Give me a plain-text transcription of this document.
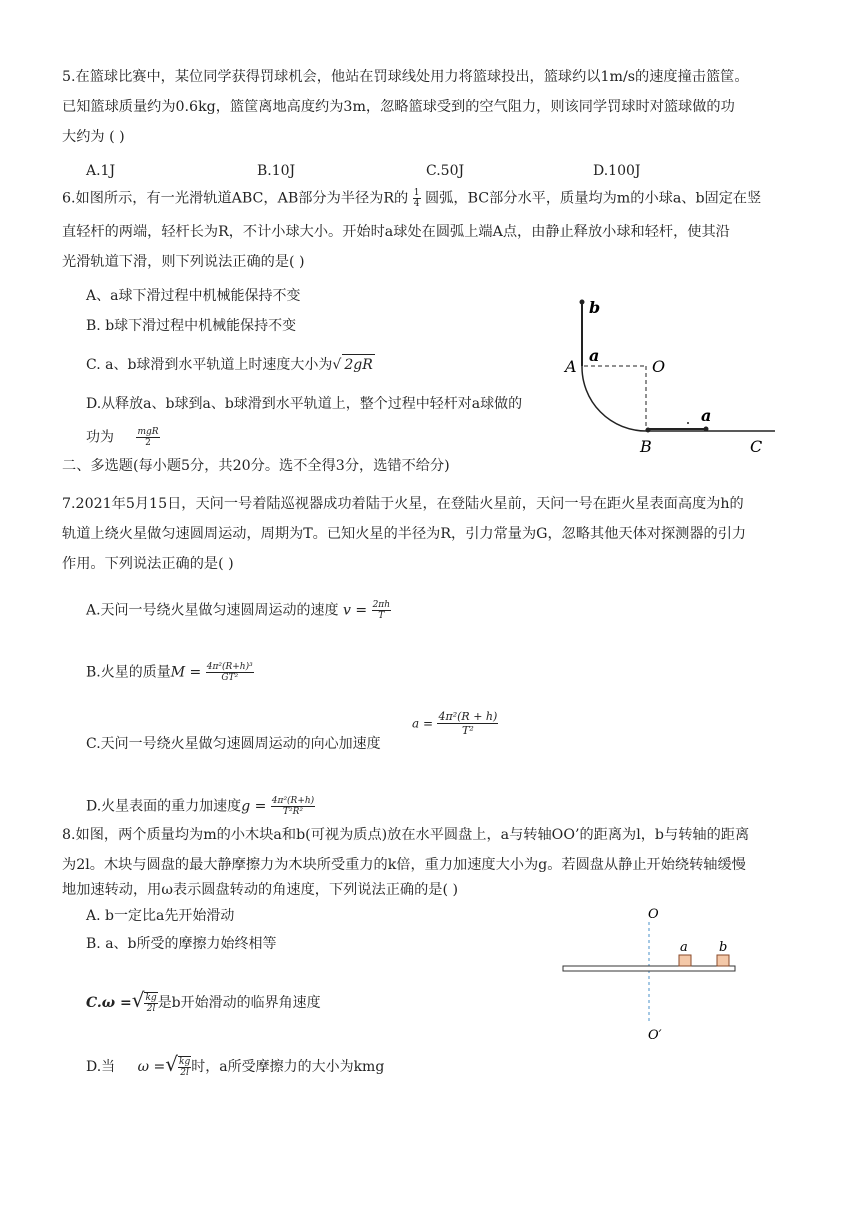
5.在篮球比赛中，某位同学获得罚球机会，他站在罚球线处用力将篮球投出，篮球约以1m/s的速度撞击篮筐。
已知篮球质量约为0.6kg，篮筐离地高度约为3m，忽略篮球受到的空气阻力，则该同学罚球时对篮球做的功
大约为 ( )
A.1J	B.10J	C.50J	D.100J
6.如图所示，有一光滑轨道ABC，AB部分为半径为R的 $\frac{1}{4}$ 圆弧，BC部分水平，质量均为m的小球a、b固定在竖
直轻杆的两端，轻杆长为R，不计小球大小。开始时a球处在圆弧上端A点，由静止释放小球和轻杆，使其沿
光滑轨道下滑，则下列说法正确的是( )
A、a球下滑过程中机械能保持不变
B. b球下滑过程中机械能保持不变
C. a、b球滑到水平轨道上时速度大小为√ 2gR
D.从释放a、b球到a、b球滑到水平轨道上，整个过程中轻杆对a球做的
功为 $\frac{\text{mgR}}{2}$
b
A
a
O
B
a
C
二、多选题(每小题5分，共20分。选不全得3分，选错不给分)
7.2021年5月15日，天问一号着陆巡视器成功着陆于火星，在登陆火星前，天问一号在距火星表面高度为h的
轨道上绕火星做匀速圆周运动，周期为T。已知火星的半径为R，引力常量为G，忽略其他天体对探测器的引力
作用。下列说法正确的是( )
A.天问一号绕火星做匀速圆周运动的速度 $v = \frac{2\pi h}{T}$
B.火星的质量$M = \frac{\text{4π²(R+h)³}}{\text{GT²}}$
C.天问一号绕火星做匀速圆周运动的向心加速度
$a = \frac{\text{4π²(R + h)}}{\text{T²}}$
D.火星表面的重力加速度$g = \frac{\text{4π²(R+h)}}{\text{T²R²}}$
8.如图，两个质量均为m的小木块a和b(可视为质点)放在水平圆盘上，a与转轴OO’的距离为l，b与转轴的距离
为2l。木块与圆盘的最大静摩擦力为木块所受重力的k倍，重力加速度大小为g。若圆盘从静止开始绕转轴缓慢
地加速转动，用ω表示圆盘转动的角速度，下列说法正确的是( )
A. b一定比a先开始滑动
B. a、b所受的摩擦力始终相等
C.ω =√ $\frac{kg}{2l}$ 是b开始滑动的临界角速度
D.当 ω =√ $\frac{kg}{2l}$ 时，a所受摩擦力的大小为kmg
O
a b
O′
